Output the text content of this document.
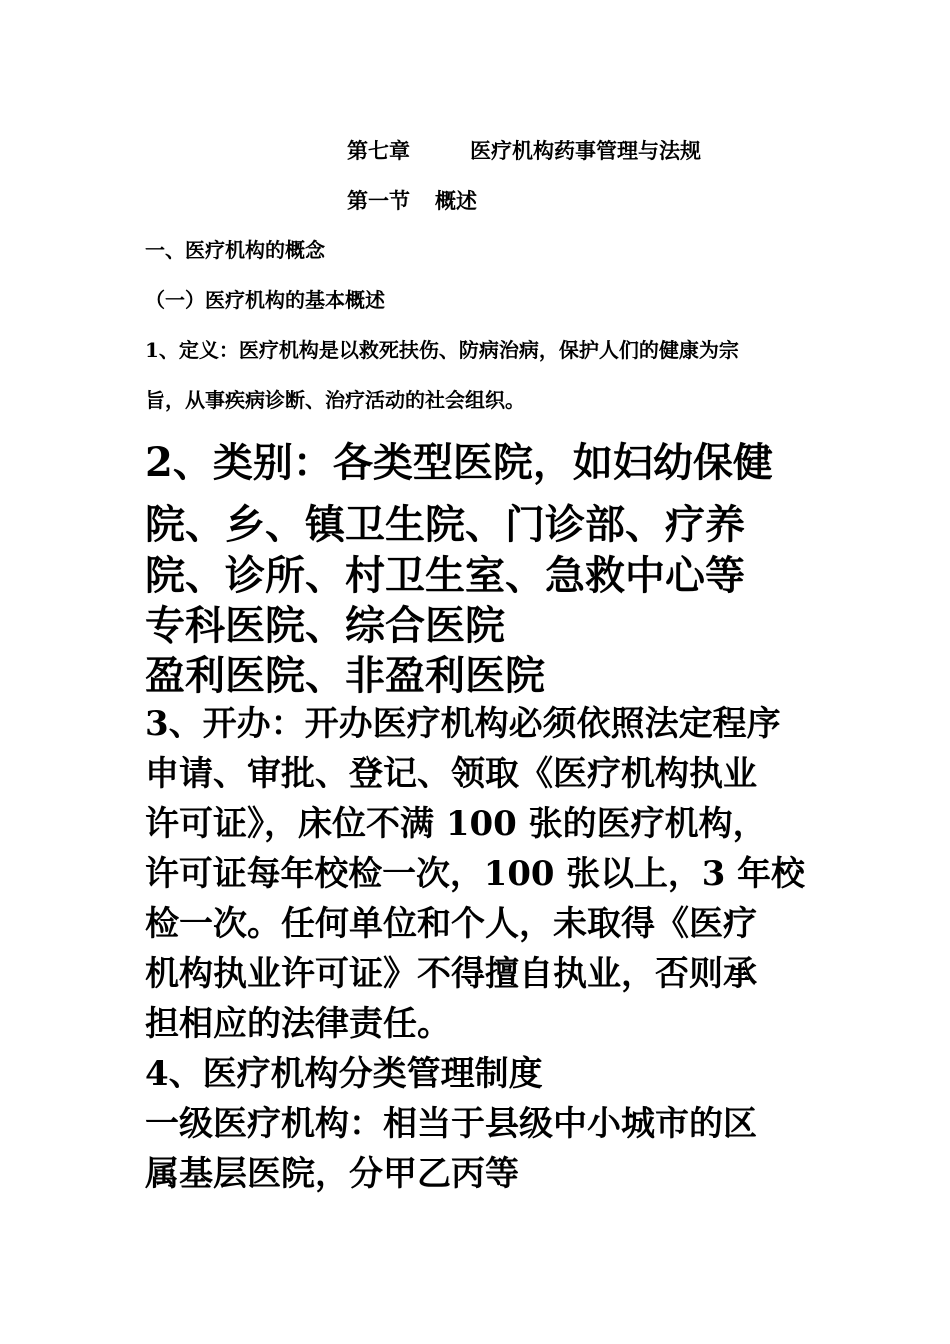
第七章	医疗机构药事管理与法规
第一节 概述
一、医疗机构的概念
（一）医疗机构的基本概述
1、定义：医疗机构是以救死扶伤、防病治病，保护人们的健康为宗
旨，从事疾病诊断、治疗活动的社会组织。
2、类别：各类型医院，如妇幼保健
院、乡、镇卫生院、门诊部、疗养
院、诊所、村卫生室、急救中心等
专科医院、综合医院
盈利医院、非盈利医院
3、开办：开办医疗机构必须依照法定程序
申请、审批、登记、领取《医疗机构执业
许可证》，床位不满 100 张的医疗机构，
许可证每年校检一次，100 张以上，3 年校
检一次。任何单位和个人，未取得《医疗
机构执业许可证》不得擅自执业，否则承
担相应的法律责任。
4、医疗机构分类管理制度
一级医疗机构：相当于县级中小城市的区
属基层医院，分甲乙丙等
